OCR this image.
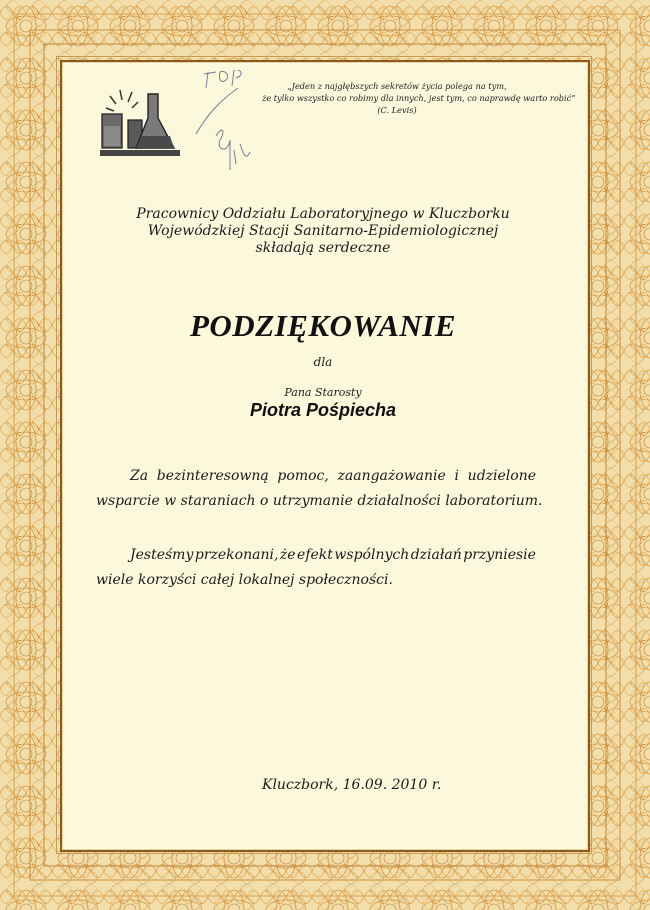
„Jeden z najgłębszych sekretów życia polega na tym,
że tylko wszystko co robimy dla innych, jest tym, co naprawdę warto robić”
(C. Levis)
Pracownicy Oddziału Laboratoryjnego w Kluczborku
Wojewódzkiej Stacji Sanitarno-Epidemiologicznej
składają serdeczne
PODZIĘKOWANIE
dla
Pana Starosty
Piotra Pośpiecha
Za bezinteresowną pomoc, zaangażowanie i udzielone
wsparcie w staraniach o utrzymanie działalności laboratorium.
Jesteśmy przekonani, że efekt wspólnych działań przyniesie
wiele korzyści całej lokalnej społeczności.
Kluczbork, 16.09. 2010 r.
